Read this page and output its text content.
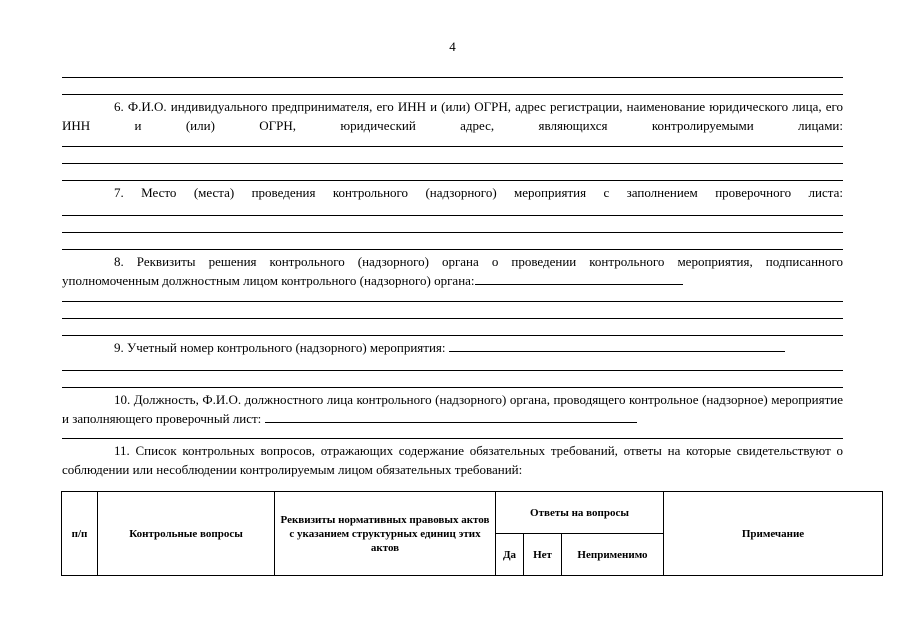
4
6. Ф.И.О. индивидуального предпринимателя, его ИНН и (или) ОГРН, адрес регистрации, наименование юридического лица, его ИНН и (или) ОГРН, юридический адрес, являющихся контролируемыми лицами:
7. Место (места) проведения контрольного (надзорного) мероприятия с заполнением проверочного листа:
8. Реквизиты решения контрольного (надзорного) органа о проведении контрольного мероприятия, подписанного уполномоченным должностным лицом контрольного (надзорного) органа:
9. Учетный номер контрольного (надзорного) мероприятия:
10. Должность, Ф.И.О. должностного лица контрольного (надзорного) органа, проводящего контрольное (надзорное) мероприятие и заполняющего проверочный лист:
11. Список контрольных вопросов, отражающих содержание обязательных требований, ответы на которые свидетельствуют о соблюдении или несоблюдении контролируемым лицом обязательных требований:
п/п	Контрольные вопросы	Реквизиты нормативных правовых актов с указанием структурных единиц этих актов	Ответы на вопросы			Примечание
			Да	Нет	Неприменимо	
